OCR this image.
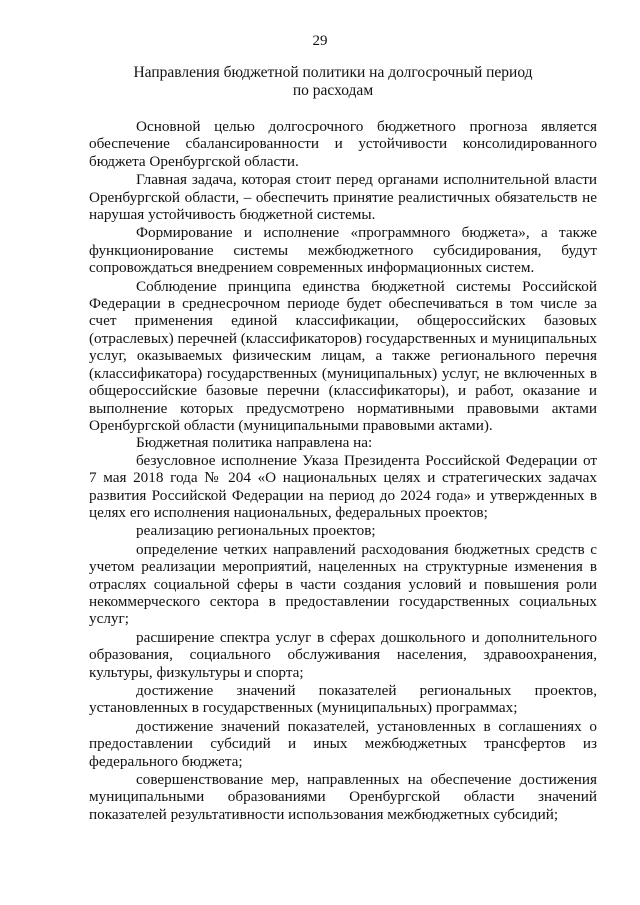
29
Направления бюджетной политики на долгосрочный период
по расходам

Основной целью долгосрочного бюджетного прогноза является обеспечение сбалансированности и устойчивости консолидированного бюджета Оренбургской области.

Главная задача, которая стоит перед органами исполнительной власти Оренбургской области, – обеспечить принятие реалистичных обязательств не нарушая устойчивость бюджетной системы.

Формирование и исполнение «программного бюджета», а также функционирование системы межбюджетного субсидирования, будут сопровождаться внедрением современных информационных систем.

Соблюдение принципа единства бюджетной системы Российской Федерации в среднесрочном периоде будет обеспечиваться в том числе за счет применения единой классификации, общероссийских базовых (отраслевых) перечней (классификаторов) государственных и муниципальных услуг, оказываемых физическим лицам, а также регионального перечня (классификатора) государственных (муниципальных) услуг, не включенных в общероссийские базовые перечни (классификаторы), и работ, оказание и выполнение которых предусмотрено нормативными правовыми актами Оренбургской области (муниципальными правовыми актами).

Бюджетная политика направлена на:

безусловное исполнение Указа Президента Российской Федерации от 7 мая 2018 года № 204 «О национальных целях и стратегических задачах развития Российской Федерации на период до 2024 года» и утвержденных в целях его исполнения национальных, федеральных проектов;

реализацию региональных проектов;

определение четких направлений расходования бюджетных средств с учетом реализации мероприятий, нацеленных на структурные изменения в отраслях социальной сферы в части создания условий и повышения роли некоммерческого сектора в предоставлении государственных социальных услуг;

расширение спектра услуг в сферах дошкольного и дополнительного образования, социального обслуживания населения, здравоохранения, культуры, физкультуры и спорта;

достижение значений показателей региональных проектов, установленных в государственных (муниципальных) программах;

достижение значений показателей, установленных в соглашениях о предоставлении субсидий и иных межбюджетных трансфертов из федерального бюджета;

совершенствование мер, направленных на обеспечение достижения муниципальными образованиями Оренбургской области значений показателей результативности использования межбюджетных субсидий;
